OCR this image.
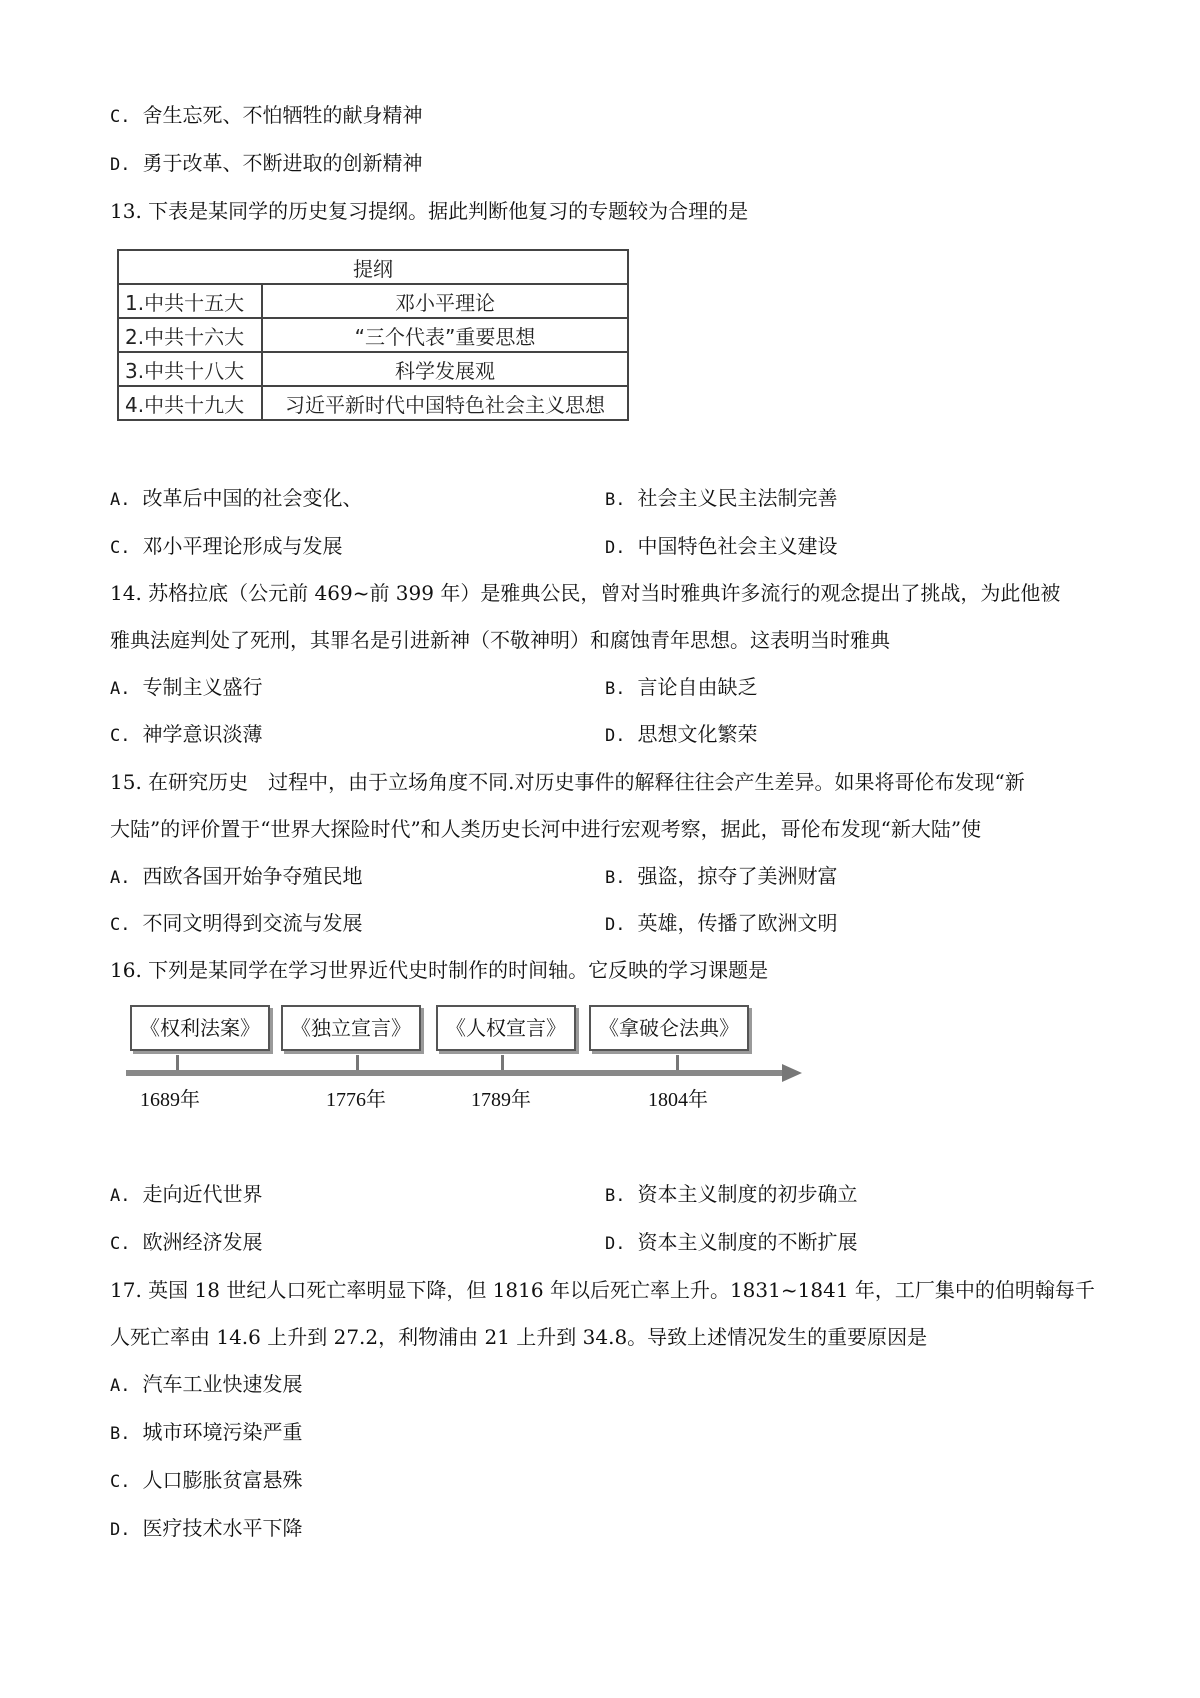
C. 舍生忘死、不怕牺牲的献身精神
D. 勇于改革、不断进取的创新精神
13. 下表是某同学的历史复习提纲。据此判断他复习的专题较为合理的是
提纲	
1.中共十五大	邓小平理论
2.中共十六大	“三个代表”重要思想
3.中共十八大	科学发展观
4.中共十九大	习近平新时代中国特色社会主义思想
A. 改革后中国的社会变化、	B. 社会主义民主法制完善
C. 邓小平理论形成与发展	D. 中国特色社会主义建设
14. 苏格拉底（公元前 469~前 399 年）是雅典公民，曾对当时雅典许多流行的观念提出了挑战，为此他被
雅典法庭判处了死刑，其罪名是引进新神（不敬神明）和腐蚀青年思想。这表明当时雅典
A. 专制主义盛行	B. 言论自由缺乏
C. 神学意识淡薄	D. 思想文化繁荣
15. 在研究历史　过程中，由于立场角度不同.对历史事件的解释往往会产生差异。如果将哥伦布发现“新
大陆”的评价置于“世界大探险时代”和人类历史长河中进行宏观考察，据此，哥伦布发现“新大陆”使
A. 西欧各国开始争夺殖民地	B. 强盗，掠夺了美洲财富
C. 不同文明得到交流与发展	D. 英雄，传播了欧洲文明
16. 下列是某同学在学习世界近代史时制作的时间轴。它反映的学习课题是
《权利法案》	《独立宣言》	《人权宣言》	《拿破仑法典》
1689年	1776年	1789年	1804年
A. 走向近代世界	B. 资本主义制度的初步确立
C. 欧洲经济发展	D. 资本主义制度的不断扩展
17. 英国 18 世纪人口死亡率明显下降，但 1816 年以后死亡率上升。1831~1841 年，工厂集中的伯明翰每千
人死亡率由 14.6 上升到 27.2，利物浦由 21 上升到 34.8。导致上述情况发生的重要原因是
A. 汽车工业快速发展
B. 城市环境污染严重
C. 人口膨胀贫富悬殊
D. 医疗技术水平下降
